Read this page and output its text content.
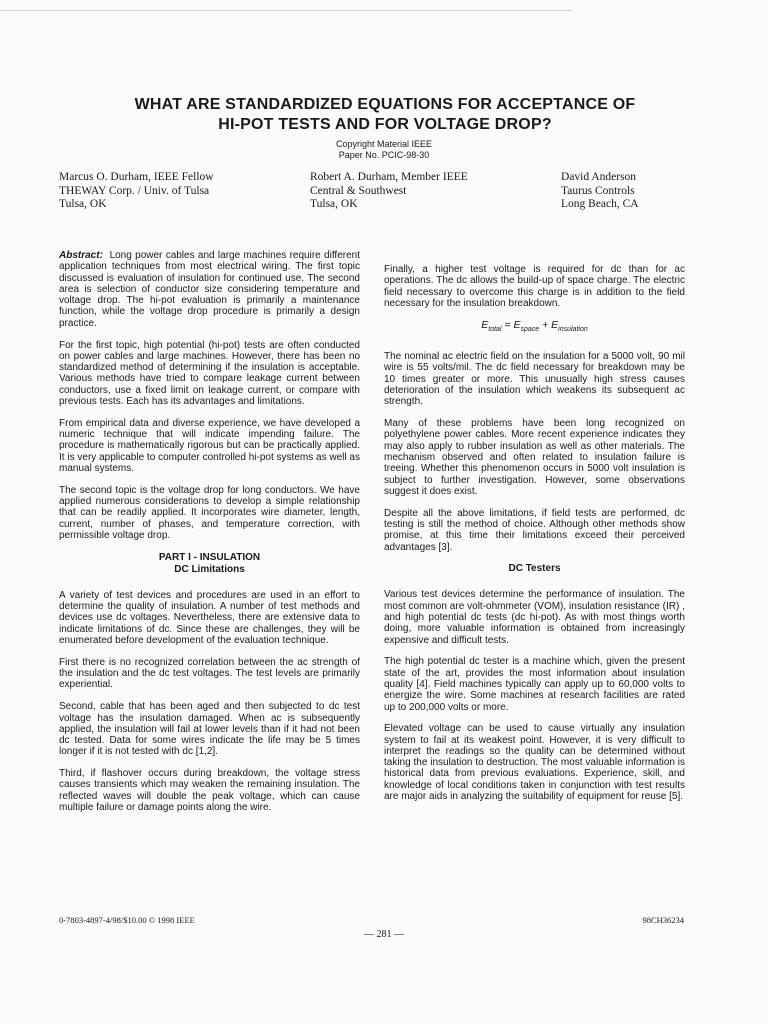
WHAT ARE STANDARDIZED EQUATIONS FOR ACCEPTANCE OF
HI-POT TESTS AND FOR VOLTAGE DROP?
Copyright Material IEEE
Paper No. PCIC-98-30
Marcus O. Durham, IEEE Fellow
THEWAY Corp. / Univ. of Tulsa
Tulsa, OK
Robert A. Durham, Member IEEE
Central & Southwest
Tulsa, OK
David Anderson
Taurus Controls
Long Beach, CA

Abstract: Long power cables and large machines require different application techniques from most electrical wiring. The first topic discussed is evaluation of insulation for continued use. The second area is selection of conductor size considering temperature and voltage drop. The hi-pot evaluation is primarily a maintenance function, while the voltage drop procedure is primarily a design practice.

For the first topic, high potential (hi-pot) tests are often conducted on power cables and large machines. However, there has been no standardized method of determining if the insulation is acceptable. Various methods have tried to compare leakage current between conductors, use a fixed limit on leakage current, or compare with previous tests. Each has its advantages and limitations.

From empirical data and diverse experience, we have developed a numeric technique that will indicate impending failure. The procedure is mathematically rigorous but can be practically applied. It is very applicable to computer controlled hi-pot systems as well as manual systems.

The second topic is the voltage drop for long conductors. We have applied numerous considerations to develop a simple relationship that can be readily applied. It incorporates wire diameter, length, current, number of phases, and temperature correction, with permissible voltage drop.

PART I - INSULATION
DC Limitations

A variety of test devices and procedures are used in an effort to determine the quality of insulation. A number of test methods and devices use dc voltages. Nevertheless, there are extensive data to indicate limitations of dc. Since these are challenges, they will be enumerated before development of the evaluation technique.

First there is no recognized correlation between the ac strength of the insulation and the dc test voltages. The test levels are primarily experiential.

Second, cable that has been aged and then subjected to dc test voltage has the insulation damaged. When ac is subsequently applied, the insulation will fail at lower levels than if it had not been dc tested. Data for some wires indicate the life may be 5 times longer if it is not tested with dc [1,2].

Third, if flashover occurs during breakdown, the voltage stress causes transients which may weaken the remaining insulation. The reflected waves will double the peak voltage, which can cause multiple failure or damage points along the wire.

Finally, a higher test voltage is required for dc than for ac operations. The dc allows the build-up of space charge. The electric field necessary to overcome this charge is in addition to the field necessary for the insulation breakdown.

$E_{total} = E_{space} + E_{insulation}$

The nominal ac electric field on the insulation for a 5000 volt, 90 mil wire is 55 volts/mil. The dc field necessary for breakdown may be 10 times greater or more. This unusually high stress causes deterioration of the insulation which weakens its subsequent ac strength.

Many of these problems have been long recognized on polyethylene power cables. More recent experience indicates they may also apply to rubber insulation as well as other materials. The mechanism observed and often related to insulation failure is treeing. Whether this phenomenon occurs in 5000 volt insulation is subject to further investigation. However, some observations suggest it does exist.

Despite all the above limitations, if field tests are performed, dc testing is still the method of choice. Although other methods show promise, at this time their limitations exceed their perceived advantages [3].

DC Testers

Various test devices determine the performance of insulation. The most common are volt-ohmmeter (VOM), insulation resistance (IR) , and high potential dc tests (dc hi-pot). As with most things worth doing, more valuable information is obtained from increasingly expensive and difficult tests.

The high potential dc tester is a machine which, given the present state of the art, provides the most information about insulation quality [4]. Field machines typically can apply up to 60,000 volts to energize the wire. Some machines at research facilities are rated up to 200,000 volts or more.

Elevated voltage can be used to cause virtually any insulation system to fail at its weakest point. However, it is very difficult to interpret the readings so the quality can be determined without taking the insulation to destruction. The most valuable information is historical data from previous evaluations. Experience, skill, and knowledge of local conditions taken in conjunction with test results are major aids in analyzing the suitability of equipment for reuse [5].

0-7803-4897-4/98/$10.00 © 1998 IEEE	98CH36234
— 281 —
